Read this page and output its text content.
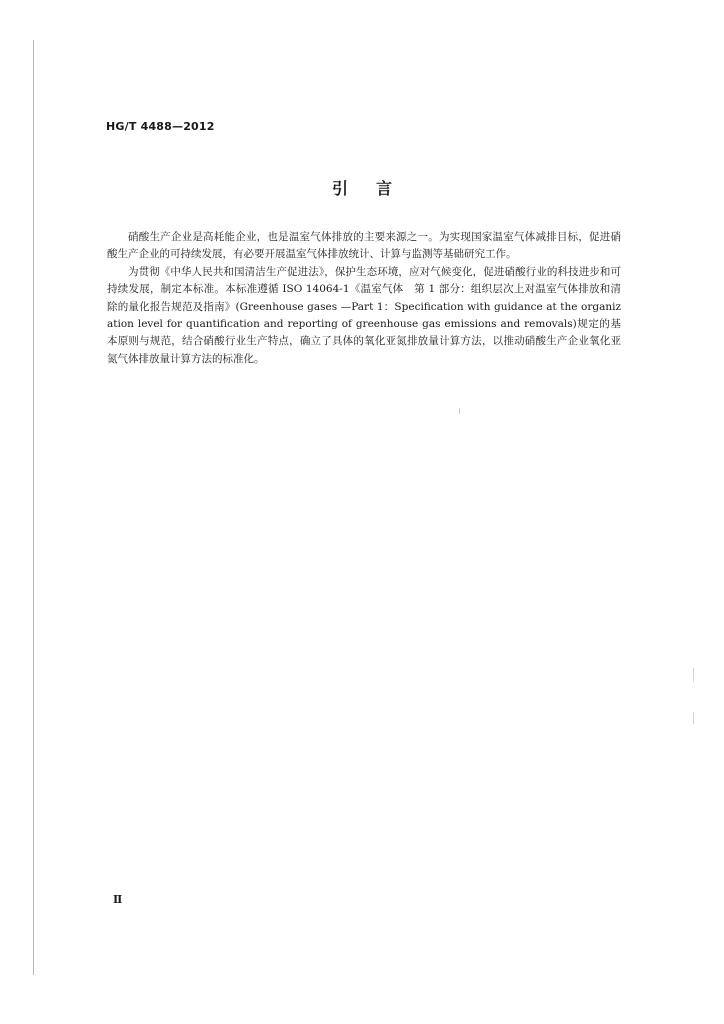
HG/T 4488—2012
引言

硝酸生产企业是高耗能企业，也是温室气体排放的主要来源之一。为实现国家温室气体减排目标，促进硝酸生产企业的可持续发展，有必要开展温室气体排放统计、计算与监测等基础研究工作。

为贯彻《中华人民共和国清洁生产促进法》，保护生态环境，应对气候变化，促进硝酸行业的科技进步和可持续发展，制定本标准。本标准遵循 ISO 14064-1《温室气体　第 1 部分：组织层次上对温室气体排放和清除的量化报告规范及指南》(Greenhouse gases —Part 1：Specification with guidance at the organization level for quantification and reporting of greenhouse gas emissions and removals)规定的基本原则与规范，结合硝酸行业生产特点，确立了具体的氧化亚氮排放量计算方法，以推动硝酸生产企业氧化亚氮气体排放量计算方法的标准化。

Ⅱ
